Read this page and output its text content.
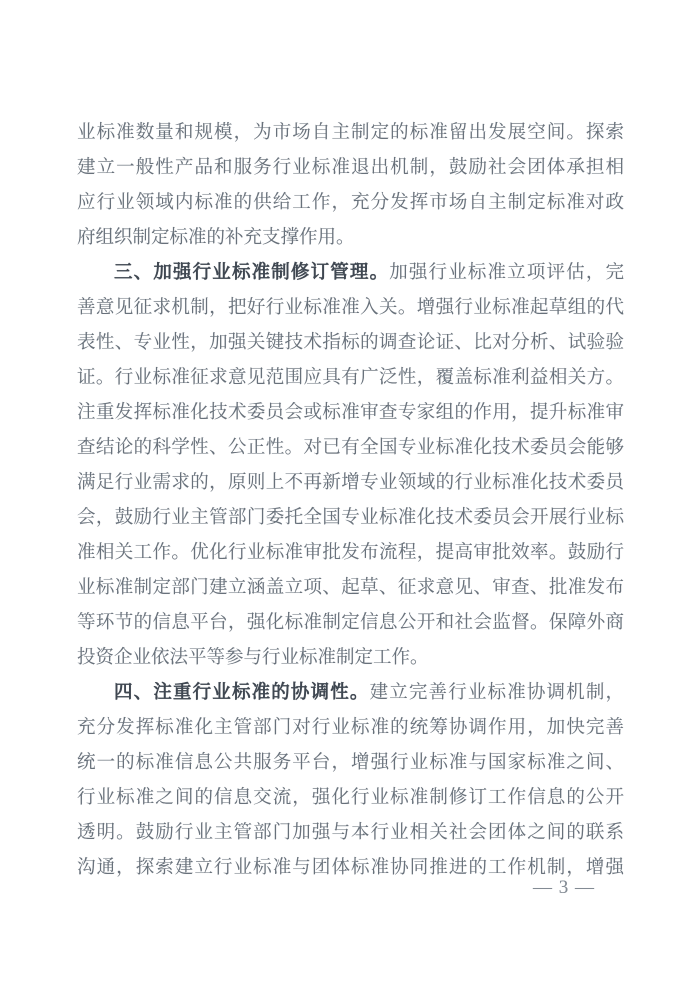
业标准数量和规模，为市场自主制定的标准留出发展空间。探索
建立一般性产品和服务行业标准退出机制，鼓励社会团体承担相
应行业领域内标准的供给工作，充分发挥市场自主制定标准对政
府组织制定标准的补充支撑作用。
三、加强行业标准制修订管理。加强行业标准立项评估，完
善意见征求机制，把好行业标准准入关。增强行业标准起草组的代
表性、专业性，加强关键技术指标的调查论证、比对分析、试验验
证。行业标准征求意见范围应具有广泛性，覆盖标准利益相关方。
注重发挥标准化技术委员会或标准审查专家组的作用，提升标准审
查结论的科学性、公正性。对已有全国专业标准化技术委员会能够
满足行业需求的，原则上不再新增专业领域的行业标准化技术委员
会，鼓励行业主管部门委托全国专业标准化技术委员会开展行业标
准相关工作。优化行业标准审批发布流程，提高审批效率。鼓励行
业标准制定部门建立涵盖立项、起草、征求意见、审查、批准发布
等环节的信息平台，强化标准制定信息公开和社会监督。保障外商
投资企业依法平等参与行业标准制定工作。
四、注重行业标准的协调性。建立完善行业标准协调机制，
充分发挥标准化主管部门对行业标准的统筹协调作用，加快完善
统一的标准信息公共服务平台，增强行业标准与国家标准之间、
行业标准之间的信息交流，强化行业标准制修订工作信息的公开
透明。鼓励行业主管部门加强与本行业相关社会团体之间的联系
沟通，探索建立行业标准与团体标准协同推进的工作机制，增强
— 3 —
